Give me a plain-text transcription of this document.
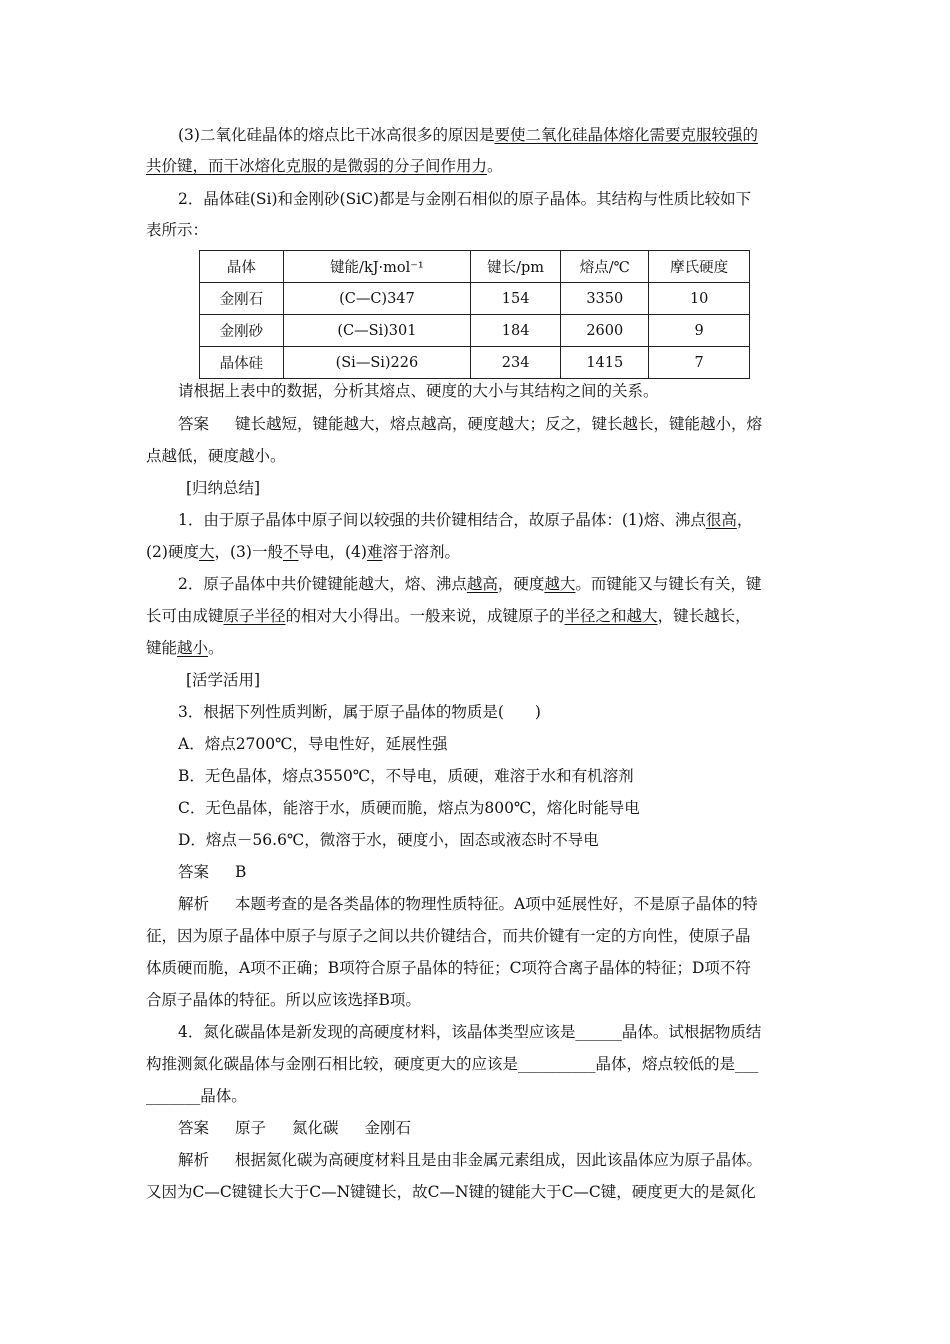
(3)二氧化硅晶体的熔点比干冰高很多的原因是要使二氧化硅晶体熔化需要克服较强的
共价键，而干冰熔化克服的是微弱的分子间作用力。
2．晶体硅(Si)和金刚砂(SiC)都是与金刚石相似的原子晶体。其结构与性质比较如下
表所示：
晶体	键能/kJ·mol⁻¹	键长/pm	熔点/℃	摩氏硬度
金刚石	(C—C)347	154	3350	10
金刚砂	(C—Si)301	184	2600	9
晶体硅	(Si—Si)226	234	1415	7
请根据上表中的数据，分析其熔点、硬度的大小与其结构之间的关系。
答案 键长越短，键能越大，熔点越高，硬度越大；反之，键长越长，键能越小，熔
点越低，硬度越小。
[归纳总结]
1．由于原子晶体中原子间以较强的共价键相结合，故原子晶体：(1)熔、沸点很高，
(2)硬度大，(3)一般不导电，(4)难溶于溶剂。
2．原子晶体中共价键键能越大，熔、沸点越高，硬度越大。而键能又与键长有关，键
长可由成键原子半径的相对大小得出。一般来说，成键原子的半径之和越大，键长越长，
键能越小。
[活学活用]
3．根据下列性质判断，属于原子晶体的物质是(　　)
A．熔点2700℃，导电性好，延展性强
B．无色晶体，熔点3550℃，不导电，质硬，难溶于水和有机溶剂
C．无色晶体，能溶于水，质硬而脆，熔点为800℃，熔化时能导电
D．熔点－56.6℃，微溶于水，硬度小，固态或液态时不导电
答案 B
解析 本题考查的是各类晶体的物理性质特征。A项中延展性好，不是原子晶体的特
征，因为原子晶体中原子与原子之间以共价键结合，而共价键有一定的方向性，使原子晶
体质硬而脆，A项不正确；B项符合原子晶体的特征；C项符合离子晶体的特征；D项不符
合原子晶体的特征。所以应该选择B项。
4．氮化碳晶体是新发现的高硬度材料，该晶体类型应该是______晶体。试根据物质结
构推测氮化碳晶体与金刚石相比较，硬度更大的应该是__________晶体，熔点较低的是___
_______晶体。
答案 原子 氮化碳 金刚石
解析 根据氮化碳为高硬度材料且是由非金属元素组成，因此该晶体应为原子晶体。
又因为C—C键键长大于C—N键键长，故C—N键的键能大于C—C键，硬度更大的是氮化
